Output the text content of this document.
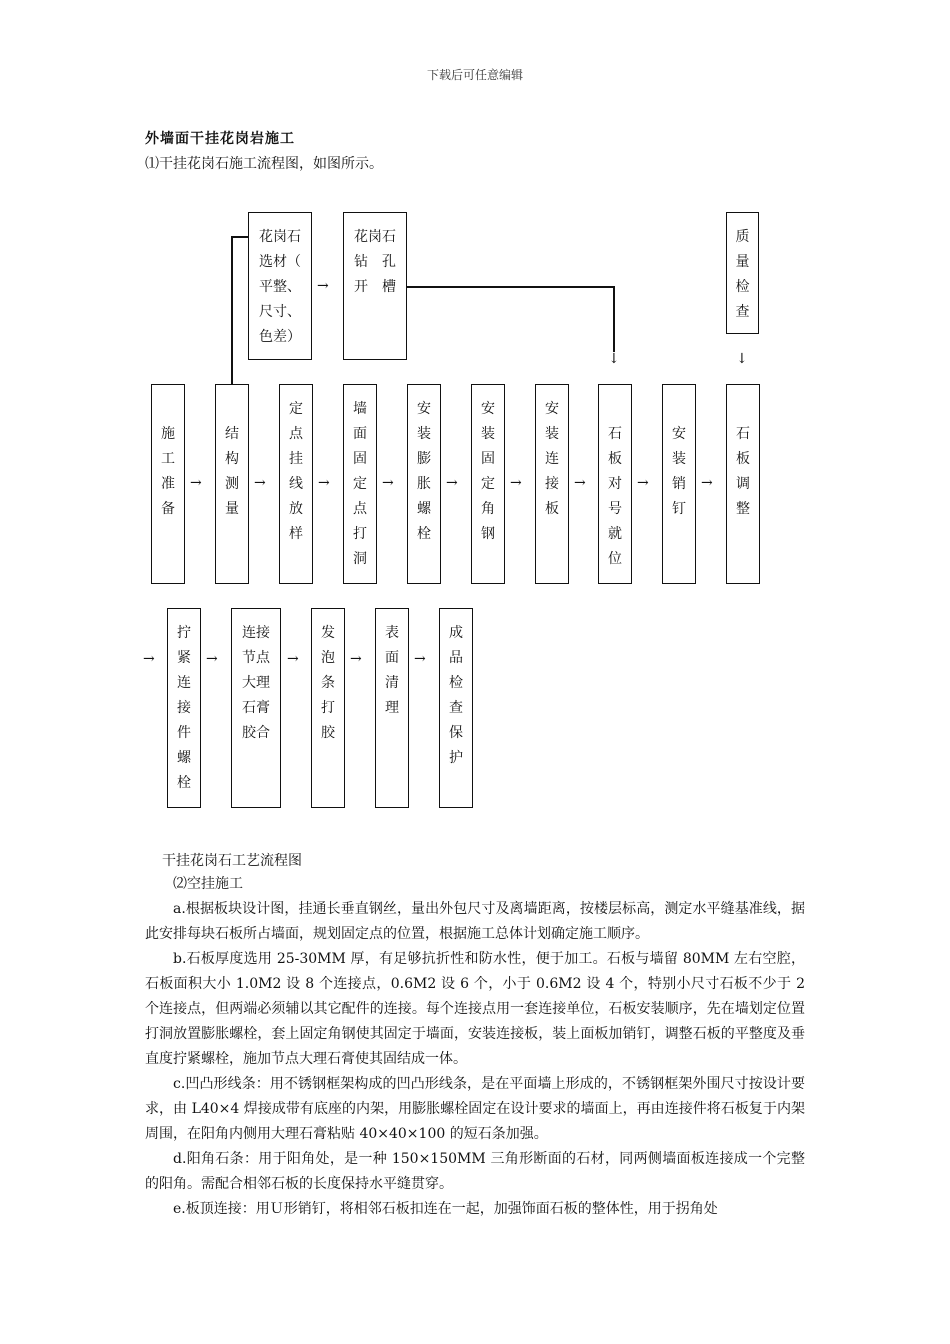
下载后可任意编辑
外墙面干挂花岗岩施工
⑴干挂花岗石施工流程图，如图所示。
花岗石
选材（
平整、
尺寸、
色差）
花岗石
钻　孔
开　槽
质
量
检
查
→
↓	↓
施
工
准
备
→
结
构
测
量
→
定
点
挂
线
放
样
→
墙
面
固
定
点
打
洞
→
安
装
膨
胀
螺
栓
→
安
装
固
定
角
钢
→
安
装
连
接
板
→
石
板
对
号
就
位
→
安
装
销
钉
→
石
板
调
整
→
拧
紧
连
接
件
螺
栓
→
连接
节点
大理
石膏
胶合
→
发
泡
条
打
胶
→
表
面
清
理
→
成
品
检
查
保
护
干挂花岗石工艺流程图
⑵空挂施工
a.根据板块设计图，挂通长垂直钢丝，量出外包尺寸及离墙距离，按楼层标高，测定水平缝基准线，据此安排每块石板所占墙面，规划固定点的位置，根据施工总体计划确定施工顺序。
b.石板厚度选用 25-30MM 厚，有足够抗折性和防水性，便于加工。石板与墙留 80MM 左右空腔，石板面积大小 1.0M2 设 8 个连接点，0.6M2 设 6 个，小于 0.6M2 设 4 个，特别小尺寸石板不少于 2 个连接点，但两端必须辅以其它配件的连接。每个连接点用一套连接单位，石板安装顺序，先在墙划定位置打洞放置膨胀螺栓，套上固定角钢使其固定于墙面，安装连接板，装上面板加销钉，调整石板的平整度及垂直度拧紧螺栓，施加节点大理石膏使其固结成一体。
c.凹凸形线条：用不锈钢框架构成的凹凸形线条，是在平面墙上形成的，不锈钢框架外围尺寸按设计要求，由 L40×4 焊接成带有底座的内架，用膨胀螺栓固定在设计要求的墙面上，再由连接件将石板复于内架周围，在阳角内侧用大理石膏粘贴 40×40×100 的短石条加强。
d.阳角石条：用于阳角处，是一种 150×150MM 三角形断面的石材，同两侧墙面板连接成一个完整的阳角。需配合相邻石板的长度保持水平缝贯穿。
e.板顶连接：用Ｕ形销钉，将相邻石板扣连在一起，加强饰面石板的整体性，用于拐角处
